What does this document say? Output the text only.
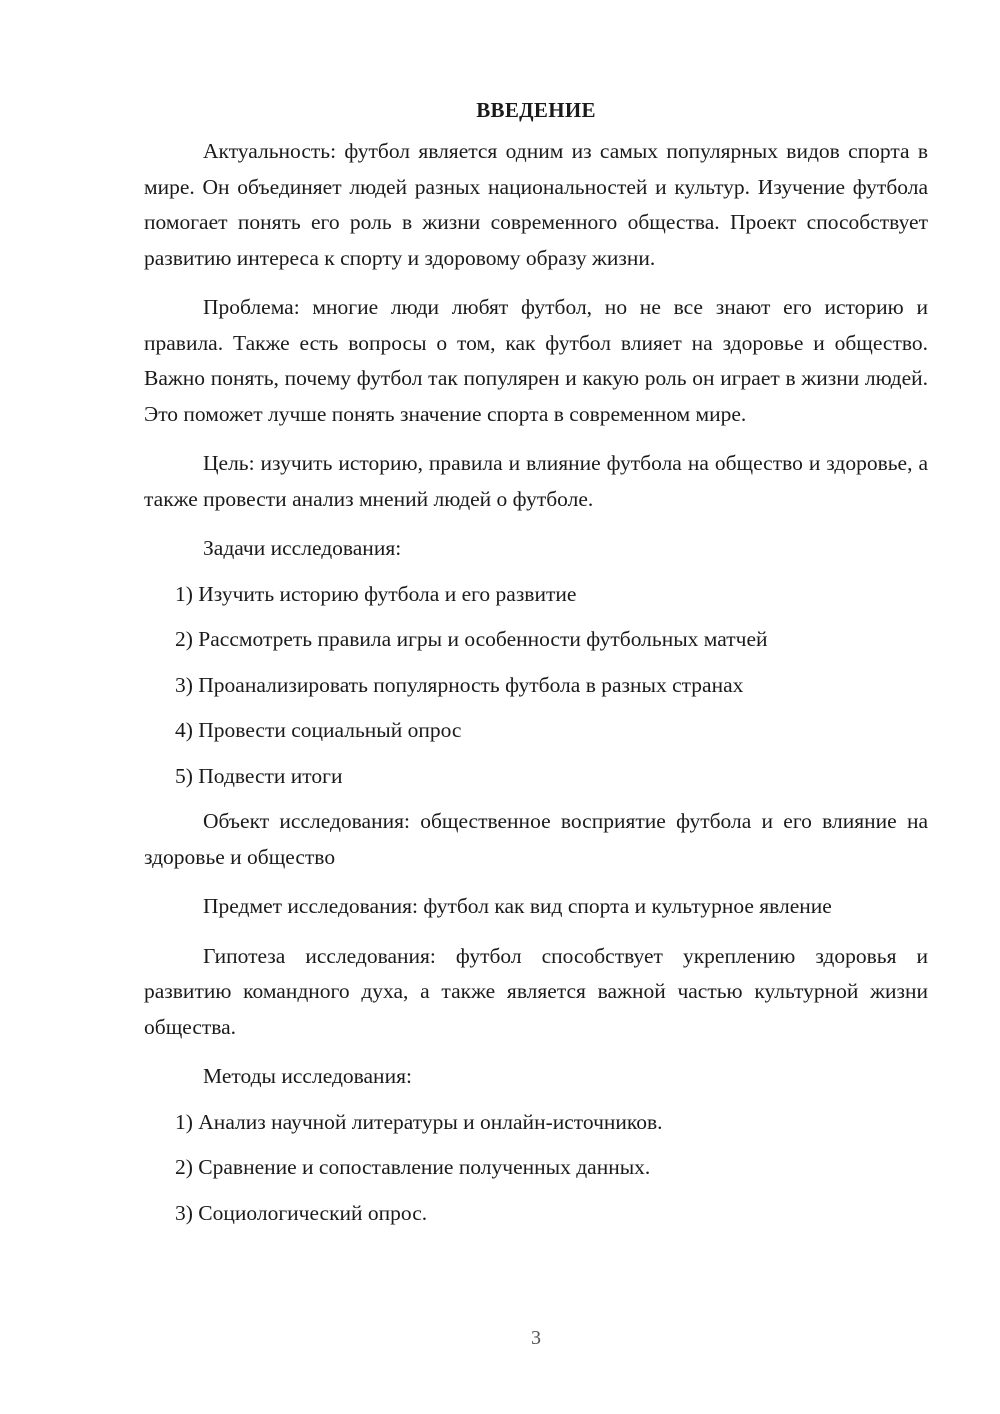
ВВЕДЕНИЕ

Актуальность: футбол является одним из самых популярных видов спорта в мире. Он объединяет людей разных национальностей и культур. Изучение футбола помогает понять его роль в жизни современного общества. Проект способствует развитию интереса к спорту и здоровому образу жизни.

Проблема: многие люди любят футбол, но не все знают его историю и правила. Также есть вопросы о том, как футбол влияет на здоровье и общество. Важно понять, почему футбол так популярен и какую роль он играет в жизни людей. Это поможет лучше понять значение спорта в современном мире.

Цель: изучить историю, правила и влияние футбола на общество и здоровье, а также провести анализ мнений людей о футболе.

Задачи исследования:

1) Изучить историю футбола и его развитие
2) Рассмотреть правила игры и особенности футбольных матчей
3) Проанализировать популярность футбола в разных странах
4) Провести социальный опрос
5) Подвести итоги

Объект исследования: общественное восприятие футбола и его влияние на здоровье и общество

Предмет исследования: футбол как вид спорта и культурное явление

Гипотеза исследования: футбол способствует укреплению здоровья и развитию командного духа, а также является важной частью культурной жизни общества.

Методы исследования:

1) Анализ научной литературы и онлайн-источников.
2) Сравнение и сопоставление полученных данных.
3) Социологический опрос.
3
